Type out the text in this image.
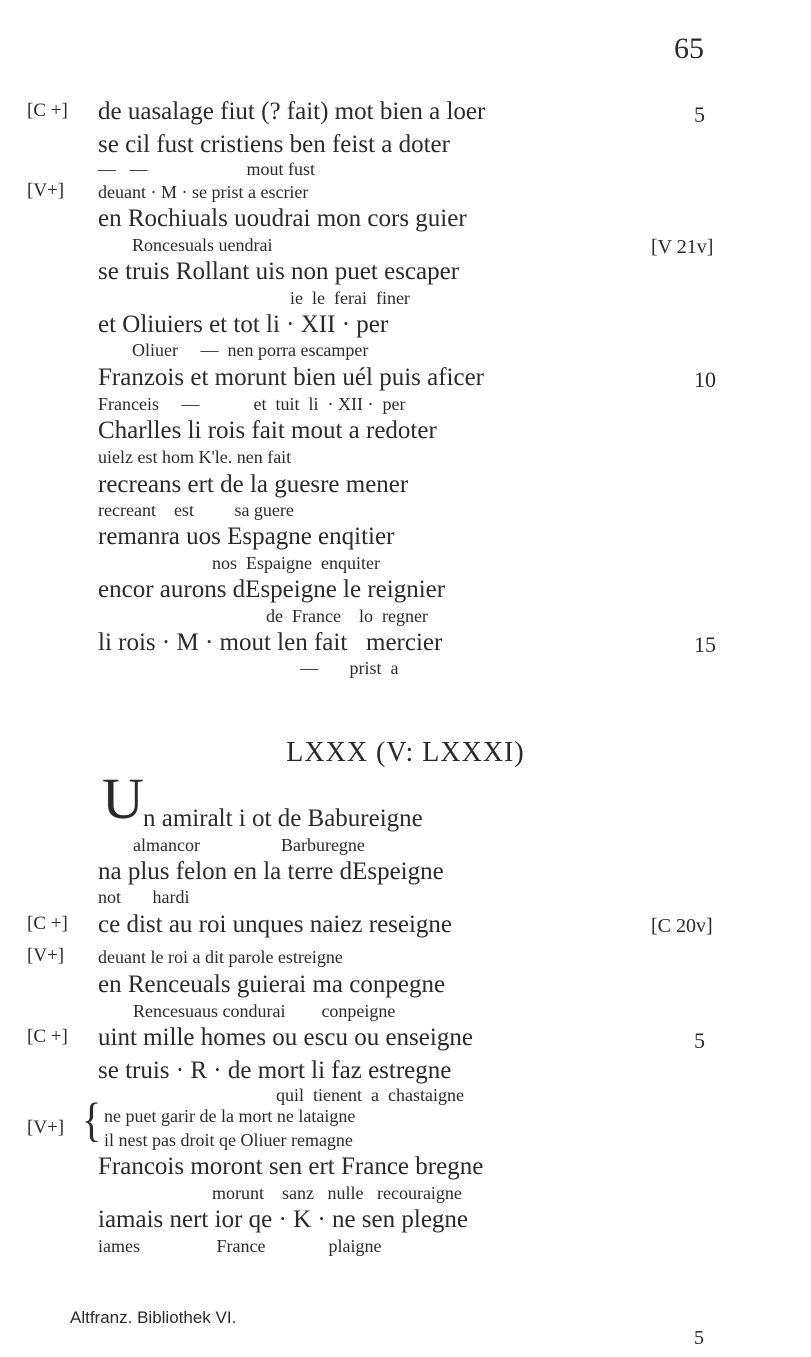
65
[C +] de uasalage fiut (? fait) mot bien a loer	5
se cil fust cristiens ben feist a doter
—   —                      mout fust
[V+] deuant · M · se prist a escrier
en Rochiuals uoudrai mon cors guier
Roncesuals uendrai	[V 21v]
se truis Rollant uis non puet escaper
ie  le  ferai  finer
et Oliuiers et tot li · XII · per
Oliuer     —  nen porra escamper
Franzois et morunt bien uél puis aficer	10
Franceis     —            et  tuit  li  · XII ·  per
Charlles li rois fait mout a redoter
uielz est hom K'le. nen fait
recreans ert de la guesre mener
recreant    est         sa guere
remanra uos Espagne enqitier
nos  Espaigne  enquiter
encor aurons dEspeigne le reignier
de  France    lo  regner
li rois · M · mout len fait   mercier	15
—       prist  a
LXXX (V: LXXXI)
U n amiralt i ot de Babureigne
almancor                  Barburegne
na plus felon en la terre dEspeigne
not       hardi
[C +] ce dist au roi unques naiez reseigne	[C 20v]
[V+] deuant le roi a dit parole estreigne
en Renceuals guierai ma conpegne
Rencesuaus condurai        conpeigne
[C +] uint mille homes ou escu ou enseigne	5
se truis · R · de mort li faz estregne
quil  tienent  a  chastaigne
[V+] { ne puet garir de la mort ne lataigne
il nest pas droit qe Oliuer remagne
Francois moront sen ert France bregne
morunt    sanz   nulle   recouraigne
iamais nert ior qe · K · ne sen plegne
iames                 France              plaigne
Altfranz. Bibliothek VI.
5
